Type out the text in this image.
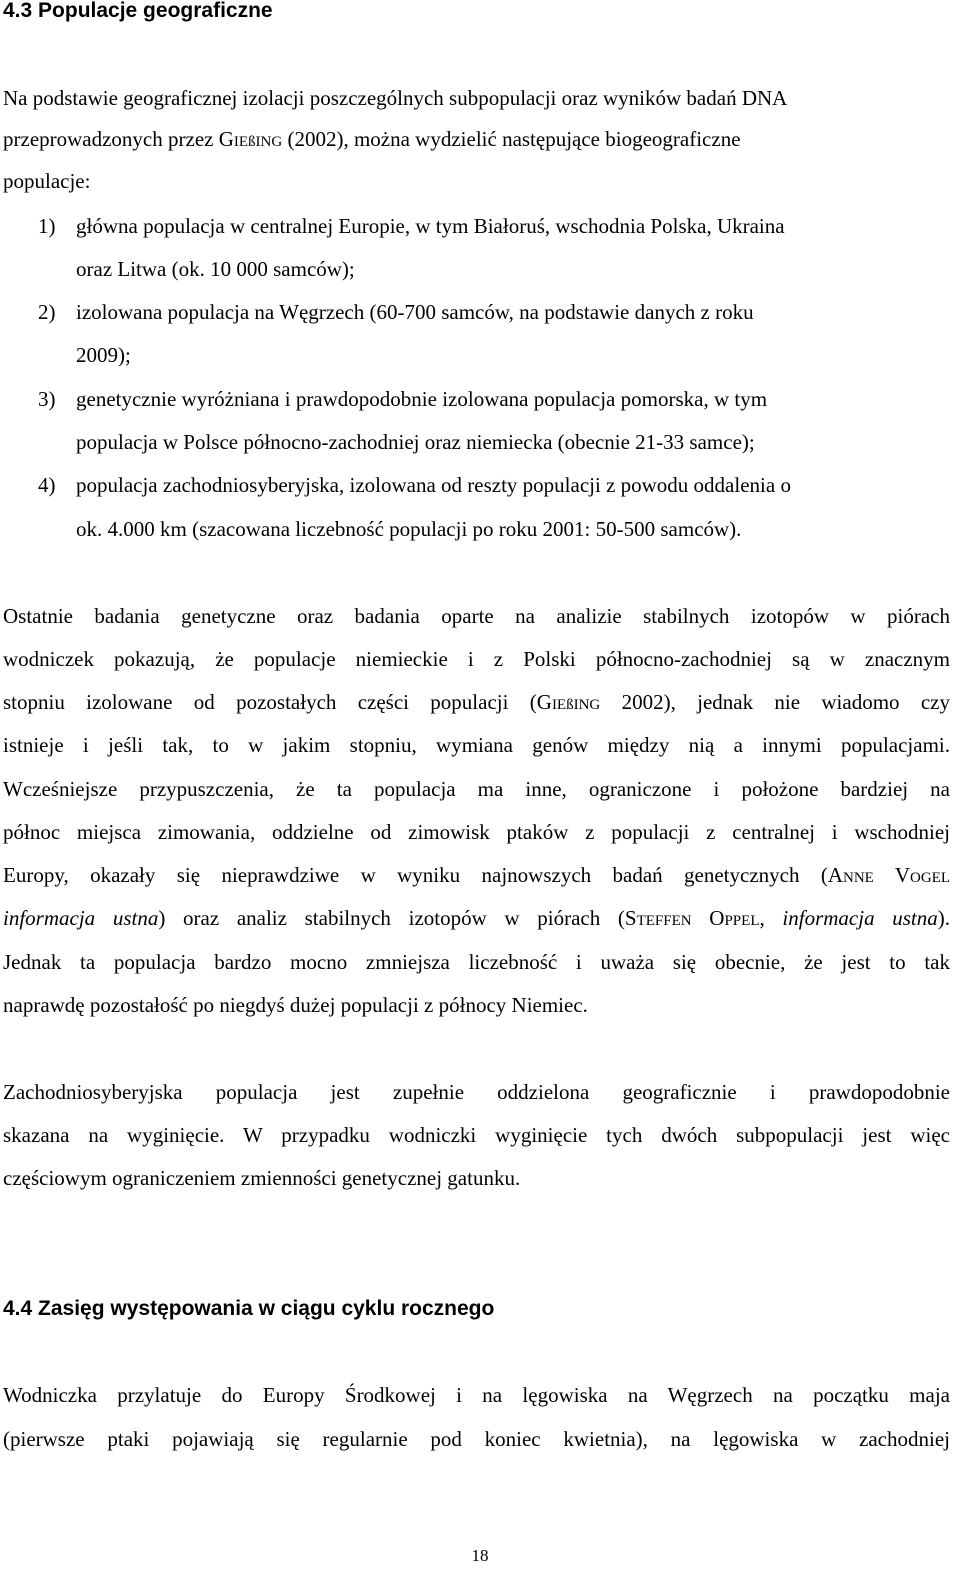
4.3 Populacje geograficzne
Na podstawie geograficznej izolacji poszczególnych subpopulacji oraz wyników badań DNA
przeprowadzonych przez GIEßING (2002), można wydzielić następujące biogeograficzne
populacje:
1) główna populacja w centralnej Europie, w tym Białoruś, wschodnia Polska, Ukraina
oraz Litwa (ok. 10 000 samców);
2) izolowana populacja na Węgrzech (60-700 samców, na podstawie danych z roku
2009);
3) genetycznie wyróżniana i prawdopodobnie izolowana populacja pomorska, w tym
populacja w Polsce północno-zachodniej oraz niemiecka (obecnie 21-33 samce);
4) populacja zachodniosyberyjska, izolowana od reszty populacji z powodu oddalenia o
ok. 4.000 km (szacowana liczebność populacji po roku 2001: 50-500 samców).
Ostatnie badania genetyczne oraz badania oparte na analizie stabilnych izotopów w piórach
wodniczek pokazują, że populacje niemieckie i z Polski północno-zachodniej są w znacznym
stopniu izolowane od pozostałych części populacji (GIEßING 2002), jednak nie wiadomo czy
istnieje i jeśli tak, to w jakim stopniu, wymiana genów między nią a innymi populacjami.
Wcześniejsze przypuszczenia, że ta populacja ma inne, ograniczone i położone bardziej na
północ miejsca zimowania, oddzielne od zimowisk ptaków z populacji z centralnej i wschodniej
Europy, okazały się nieprawdziwe w wyniku najnowszych badań genetycznych (ANNE VOGEL
informacja ustna) oraz analiz stabilnych izotopów w piórach (STEFFEN OPPEL, informacja ustna).
Jednak ta populacja bardzo mocno zmniejsza liczebność i uważa się obecnie, że jest to tak
naprawdę pozostałość po niegdyś dużej populacji z północy Niemiec.
Zachodniosyberyjska populacja jest zupełnie oddzielona geograficznie i prawdopodobnie
skazana na wyginięcie. W przypadku wodniczki wyginięcie tych dwóch subpopulacji jest więc
częściowym ograniczeniem zmienności genetycznej gatunku.
4.4 Zasięg występowania w ciągu cyklu rocznego
Wodniczka przylatuje do Europy Środkowej i na lęgowiska na Węgrzech na początku maja
(pierwsze ptaki pojawiają się regularnie pod koniec kwietnia), na lęgowiska w zachodniej
18
